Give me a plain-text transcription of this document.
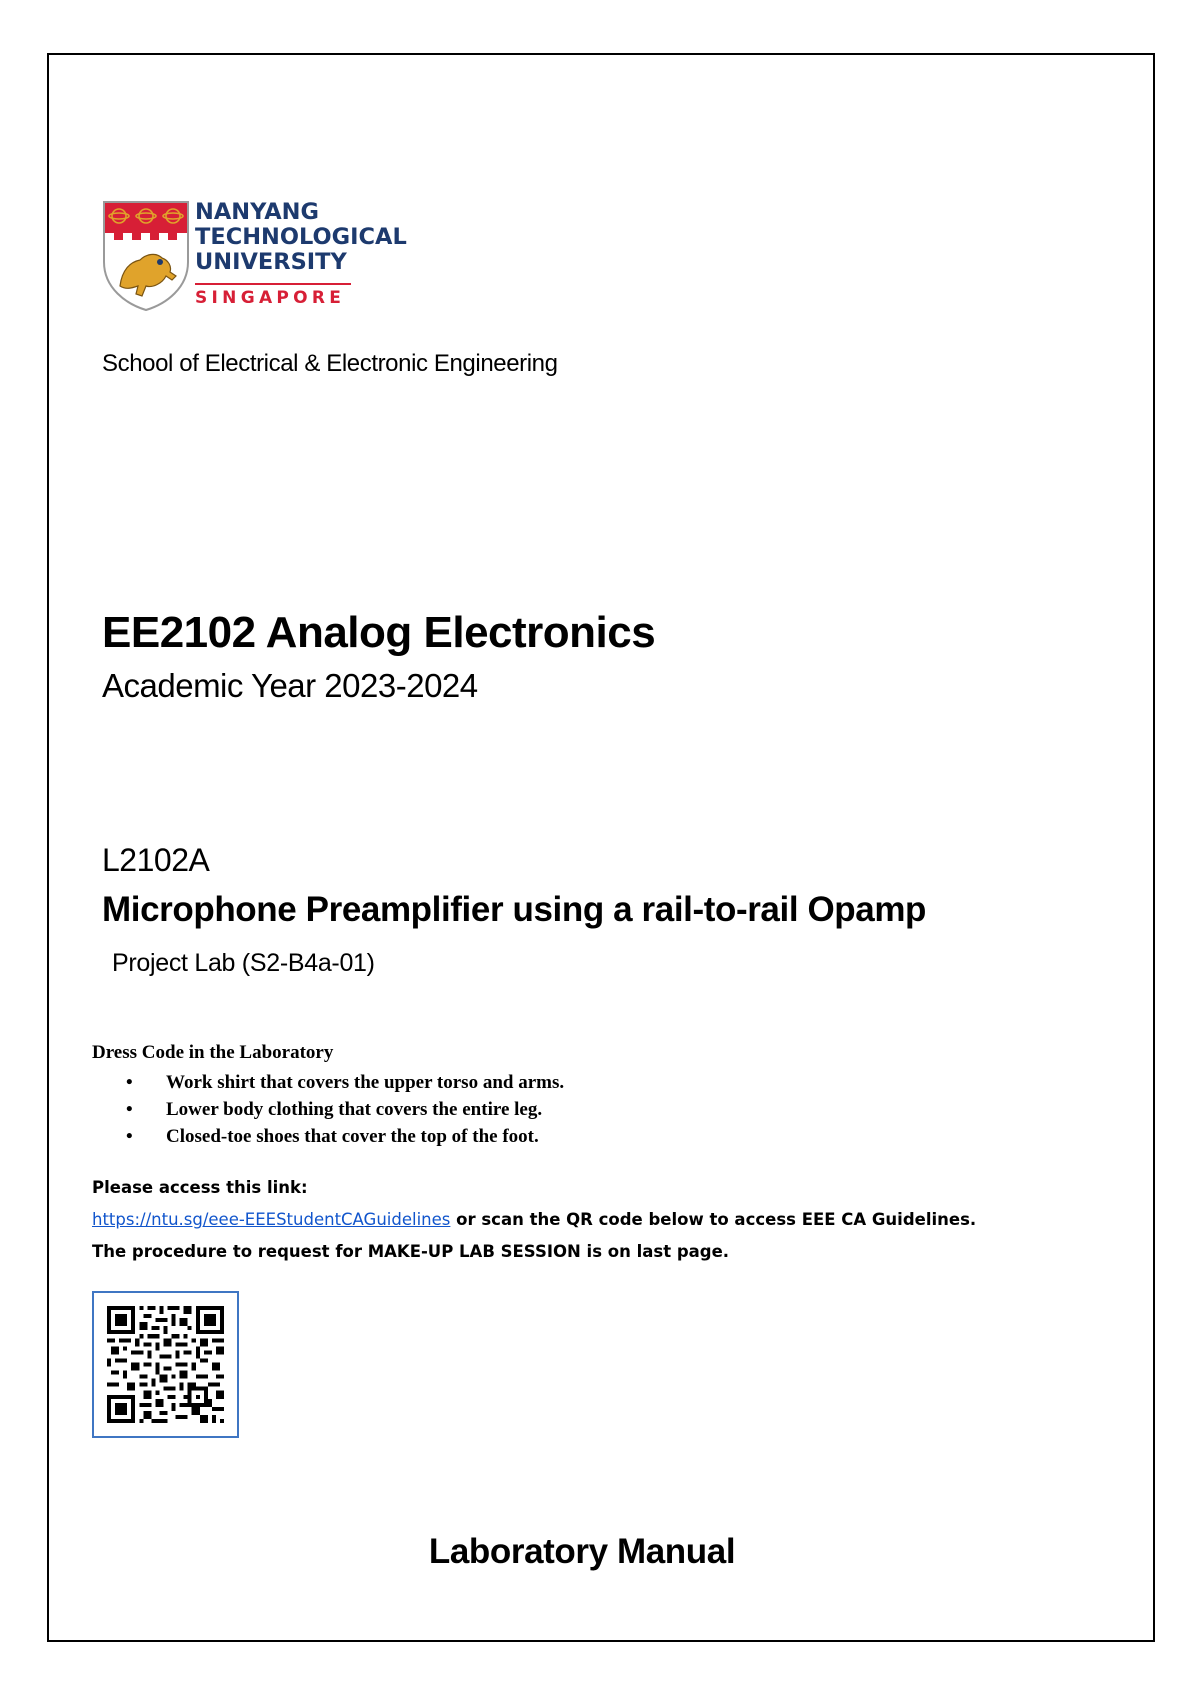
NANYANG
TECHNOLOGICAL
UNIVERSITY
SINGAPORE
School of Electrical & Electronic Engineering
EE2102 Analog Electronics
Academic Year 2023-2024
L2102A
Microphone Preamplifier using a rail-to-rail Opamp
Project Lab (S2-B4a-01)
Dress Code in the Laboratory
• Work shirt that covers the upper torso and arms.
• Lower body clothing that covers the entire leg.
• Closed-toe shoes that cover the top of the foot.
Please access this link:
https://ntu.sg/eee-EEEStudentCAGuidelines or scan the QR code below to access EEE CA Guidelines.
The procedure to request for MAKE-UP LAB SESSION is on last page.
Laboratory Manual
